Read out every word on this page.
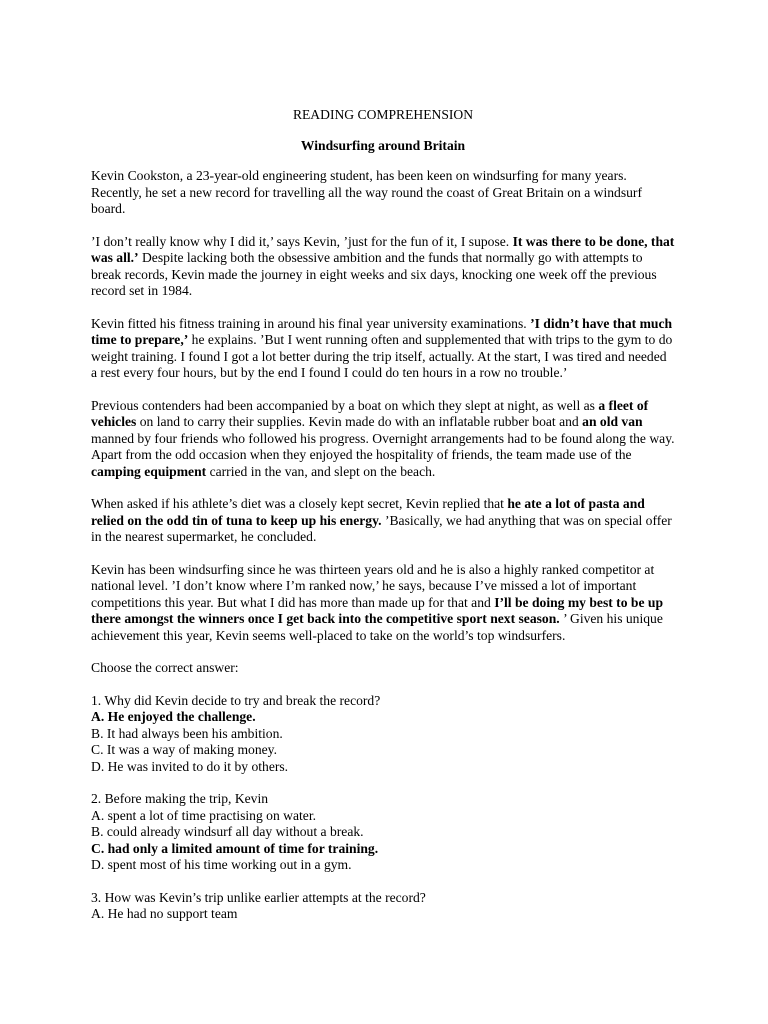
READING COMPREHENSION
Windsurfing around Britain

Kevin Cookston, a 23-year-old engineering student, has been keen on windsurfing for many years. Recently, he set a new record for travelling all the way round the coast of Great Britain on a windsurf board.

’I don’t really know why I did it,’ says Kevin, ’just for the fun of it, I supose. It was there to be done, that was all.’ Despite lacking both the obsessive ambition and the funds that normally go with attempts to break records, Kevin made the journey in eight weeks and six days, knocking one week off the previous record set in 1984.

Kevin fitted his fitness training in around his final year university examinations. ’I didn’t have that much time to prepare,’ he explains. ’But I went running often and supplemented that with trips to the gym to do weight training. I found I got a lot better during the trip itself, actually. At the start, I was tired and needed a rest every four hours, but by the end I found I could do ten hours in a row no trouble.’

Previous contenders had been accompanied by a boat on which they slept at night, as well as a fleet of vehicles on land to carry their supplies. Kevin made do with an inflatable rubber boat and an old van manned by four friends who followed his progress. Overnight arrangements had to be found along the way. Apart from the odd occasion when they enjoyed the hospitality of friends, the team made use of the camping equipment carried in the van, and slept on the beach.

When asked if his athlete’s diet was a closely kept secret, Kevin replied that he ate a lot of pasta and relied on the odd tin of tuna to keep up his energy. ’Basically, we had anything that was on special offer in the nearest supermarket, he concluded.

Kevin has been windsurfing since he was thirteen years old and he is also a highly ranked competitor at national level. ’I don’t know where I’m ranked now,’ he says, because I’ve missed a lot of important competitions this year. But what I did has more than made up for that and I’ll be doing my best to be up there amongst the winners once I get back into the competitive sport next season. ’ Given his unique achievement this year, Kevin seems well-placed to take on the world’s top windsurfers.

Choose the correct answer:
1. Why did Kevin decide to try and break the record?
A. He enjoyed the challenge.
B. It had always been his ambition.
C. It was a way of making money.
D. He was invited to do it by others.
2. Before making the trip, Kevin
A. spent a lot of time practising on water.
B. could already windsurf all day without a break.
C. had only a limited amount of time for training.
D. spent most of his time working out in a gym.
3. How was Kevin’s trip unlike earlier attempts at the record?
A. He had no support team
